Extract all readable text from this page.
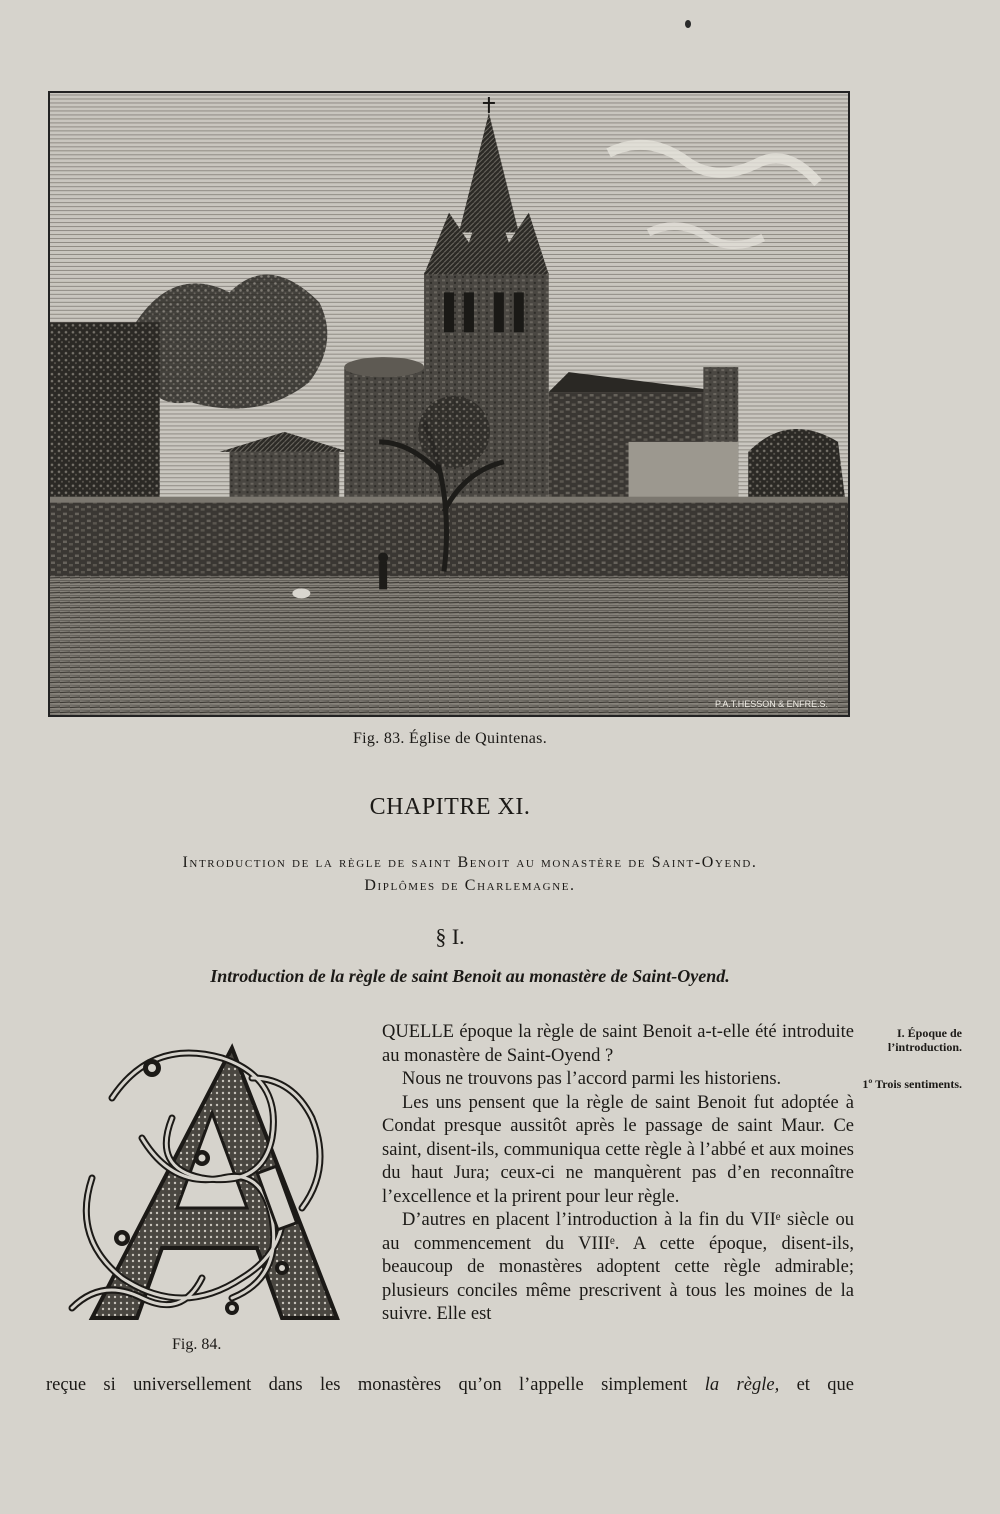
P.A.T.HESSON & ENFRE.S.
Fig. 83. Église de Quintenas.
CHAPITRE XI.
Introduction de la règle de saint Benoit au monastère de Saint-Oyend.
Diplômes de Charlemagne.
§ I.
Introduction de la règle de saint Benoit au monastère de Saint-Oyend.
Fig. 84.

QUELLE époque la règle de saint Benoit a-t-elle été introduite au monastère de Saint-Oyend ?

Nous ne trouvons pas l’accord parmi les historiens.

Les uns pensent que la règle de saint Benoit fut adoptée à Condat presque aussitôt après le passage de saint Maur. Ce saint, disent-ils, communiqua cette règle à l’abbé et aux moines du haut Jura; ceux-ci ne manquèrent pas d’en reconnaître l’excellence et la prirent pour leur règle.

D’autres en placent l’introduction à la fin du VIIᵉ siècle ou au commencement du VIIIᵉ. A cette époque, disent-ils, beaucoup de monastères adoptent cette règle admirable; plusieurs conciles même prescrivent à tous les moines de la suivre. Elle est

reçue si universellement dans les monastères qu’on l’appelle simplement la règle, et que
I. Époque de l’introduction.
1º Trois sentiments.
